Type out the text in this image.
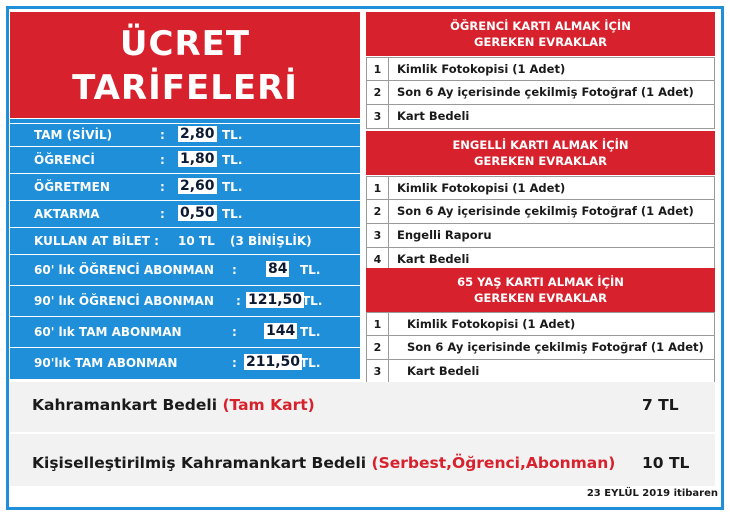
ÜCRET
TARİFELERİ
TAM (SİVİL)	: 2,80 TL.
ÖĞRENCİ	: 1,80 TL.
ÖĞRETMEN	: 2,60 TL.
AKTARMA	: 0,50 TL.
KULLAN AT BİLET : 10 TL (3 BİNİŞLİK)
60' lık ÖĞRENCİ ABONMAN : 84 TL.
90' lık ÖĞRENCİ ABONMAN : 121,50 TL.
60' lık TAM ABONMAN	: 144 TL.
90'lık TAM ABONMAN	: 211,50 TL.
ÖĞRENCİ KARTI ALMAK İÇİN
GEREKEN EVRAKLAR
1	Kimlik Fotokopisi (1 Adet)
2	Son 6 Ay içerisinde çekilmiş Fotoğraf (1 Adet)
3	Kart Bedeli
ENGELLİ KARTI ALMAK İÇİN
GEREKEN EVRAKLAR
1	Kimlik Fotokopisi (1 Adet)
2	Son 6 Ay içerisinde çekilmiş Fotoğraf (1 Adet)
3	Engelli Raporu
4	Kart Bedeli
65 YAŞ KARTI ALMAK İÇİN
GEREKEN EVRAKLAR
1	Kimlik Fotokopisi (1 Adet)
2	Son 6 Ay içerisinde çekilmiş Fotoğraf (1 Adet)
3	Kart Bedeli
Kahramankart Bedeli (Tam Kart)	7 TL
Kişiselleştirilmiş Kahramankart Bedeli (Serbest,Öğrenci,Abonman) 10 TL
23 EYLÜL 2019 itibaren
